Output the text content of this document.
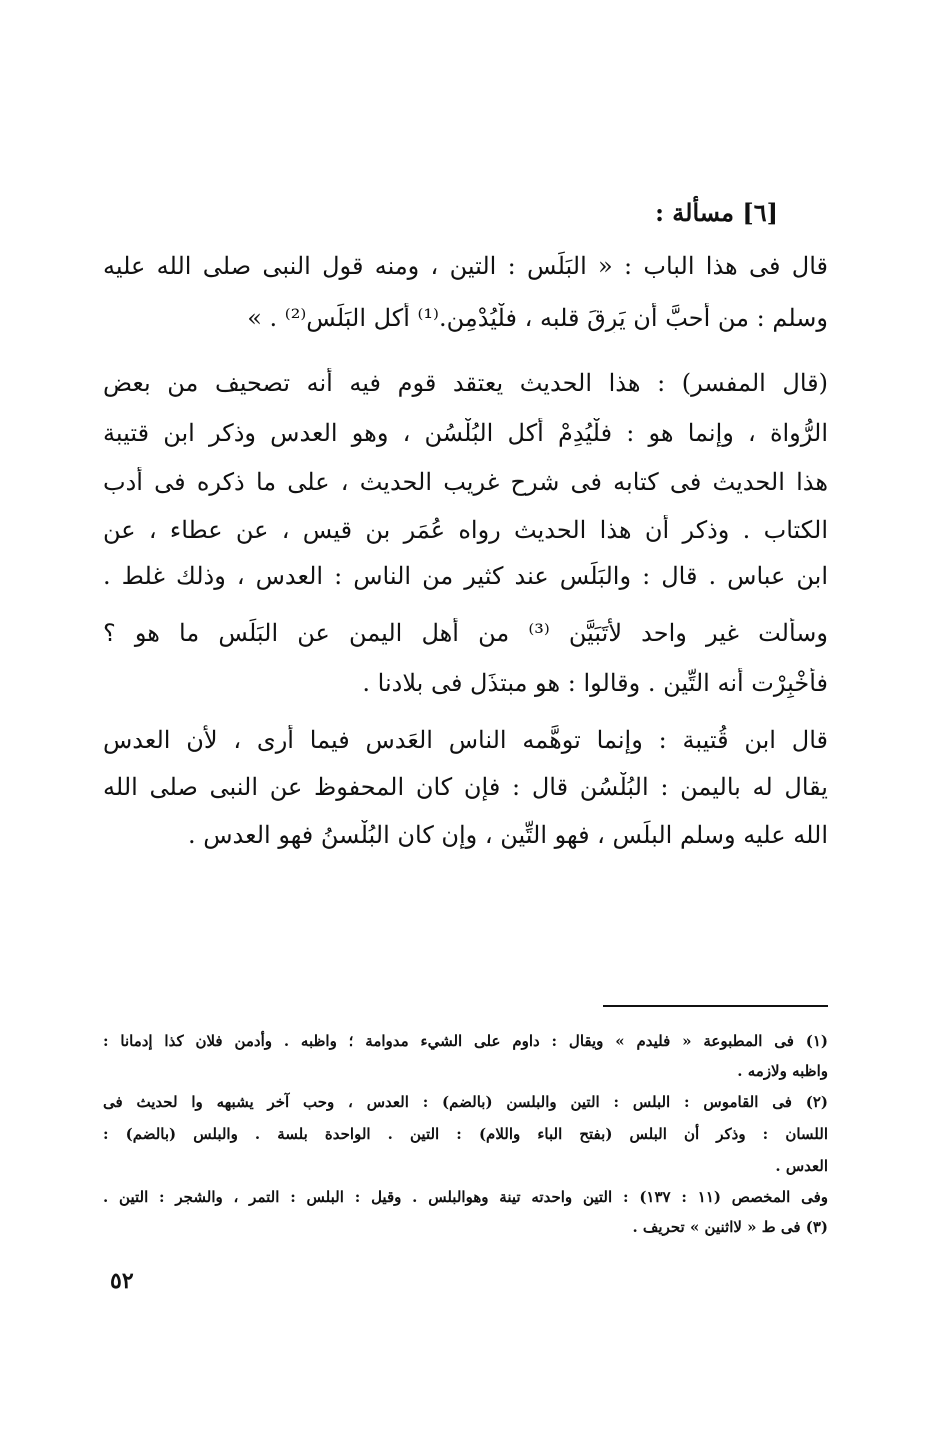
[٦] مسألة :
قال فى هذا الباب : « البَلَس : التين ، ومنه قول النبى صلى الله عليه
وسلم : من أحبَّ أن يَرِقَ قلبه ، فلْيُدْمِن.⁽¹⁾ أكل البَلَس⁽²⁾ . »
(قال المفسر) : هذا الحديث يعتقد قوم فيه أنه تصحيف من بعض
الرُّواة ، وإنما هو : فلْيُدِمْ أكل البُلْسُن ، وهو العدس وذكر ابن قتيبة
هذا الحديث فى كتابه فى شرح غريب الحديث ، على ما ذكره فى أدب
الكتاب . وذكر أن هذا الحديث رواه عُمَر بن قيس ، عن عطاء ، عن
ابن عباس . قال : والبَلَس عند كثير من الناس : العدس ، وذلك غلط .
وسألت غير واحد لأَتَبَيَّن ⁽³⁾ من أهل اليمن عن البَلَس ما هو ؟
فأُخْبِرْت أنه التِّين . وقالوا : هو مبتذَل فى بلادنا .
قال ابن قُتيبة : وإنما توهَّمه الناس العَدس فيما أرى ، لأن العدس
يقال له باليمن : البُلْسُن قال : فإن كان المحفوظ عن النبى صلى الله
الله عليه وسلم البلَس ، فهو التِّين ، وإن كان البُلْسنُ فهو العدس .
(١) فى المطبوعة « فليدم » ويقال : داوم على الشيء مدوامة ؛ واظبه . وأدمن فلان كذا إدمانا :
واظبه ولازمه .
(٢) فى القاموس : البلس : التين والبلسن (بالضم) : العدس ، وحب آخر يشبهه وا لحديث فى
اللسان : وذكر أن البلس (بفتح الباء واللام) : التين . الواحدة بلسة . والبلس (بالضم) :
العدس .
وفى المخصص (١١ : ١٣٧) : التين واحدته تينة وهوالبلس . وقيل : البلس : التمر ، والشجر : التين .
(٣) فى ط « لااثنين » تحريف .
٥٢
